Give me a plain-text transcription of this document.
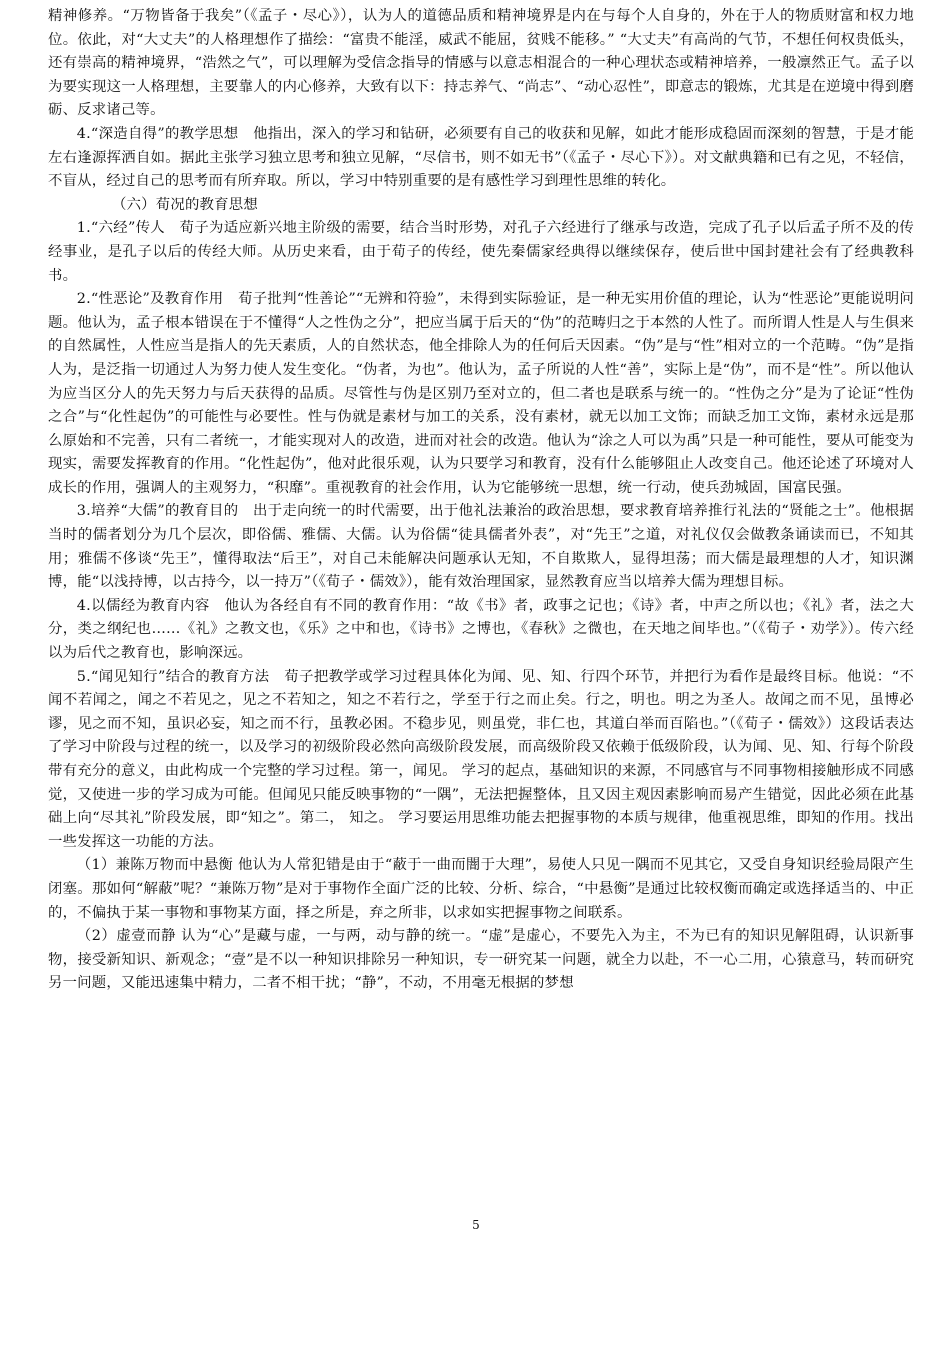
精神修养。“万物皆备于我矣”（《孟子・尽心》），认为人的道德品质和精神境界是内在与每个人自身的，外在于人的物质财富和权力地位。依此，对“大丈夫”的人格理想作了描绘：“富贵不能淫，威武不能屈，贫贱不能移。” “大丈夫”有高尚的气节，不想任何权贵低头，还有崇高的精神境界，“浩然之气”，可以理解为受信念指导的情感与以意志相混合的一种心理状态或精神培养，一般凛然正气。孟子以为要实现这一人格理想，主要靠人的内心修养，大致有以下：持志养气、“尚志”、“动心忍性”，即意志的锻炼，尤其是在逆境中得到磨砺、反求诸己等。

4.“深造自得”的教学思想　他指出，深入的学习和钻研，必须要有自己的收获和见解，如此才能形成稳固而深刻的智慧，于是才能左右逢源挥洒自如。据此主张学习独立思考和独立见解，“尽信书，则不如无书”（《孟子・尽心下》）。对文献典籍和已有之见，不轻信，不盲从，经过自己的思考而有所弃取。所以，学习中特别重要的是有感性学习到理性思维的转化。

（六）荀况的教育思想

1.“六经”传人　荀子为适应新兴地主阶级的需要，结合当时形势，对孔子六经进行了继承与改造，完成了孔子以后孟子所不及的传经事业，是孔子以后的传经大师。从历史来看，由于荀子的传经，使先秦儒家经典得以继续保存，使后世中国封建社会有了经典教科书。

2.“性恶论”及教育作用　荀子批判“性善论”“无辨和符验”，未得到实际验证，是一种无实用价值的理论，认为“性恶论”更能说明问题。他认为，孟子根本错误在于不懂得“人之性伪之分”，把应当属于后天的“伪”的范畴归之于本然的人性了。而所谓人性是人与生俱来的自然属性，人性应当是指人的先天素质，人的自然状态，他全排除人为的任何后天因素。“伪”是与“性”相对立的一个范畴。“伪”是指人为，是泛指一切通过人为努力使人发生变化。“伪者，为也”。他认为，孟子所说的人性“善”，实际上是“伪”，而不是“性”。所以他认为应当区分人的先天努力与后天获得的品质。尽管性与伪是区别乃至对立的，但二者也是联系与统一的。“性伪之分”是为了论证“性伪之合”与“化性起伪”的可能性与必要性。性与伪就是素材与加工的关系，没有素材，就无以加工文饰；而缺乏加工文饰，素材永远是那么原始和不完善，只有二者统一，才能实现对人的改造，进而对社会的改造。他认为“涂之人可以为禹”只是一种可能性，要从可能变为现实，需要发挥教育的作用。“化性起伪”，他对此很乐观，认为只要学习和教育，没有什么能够阻止人改变自己。他还论述了环境对人成长的作用，强调人的主观努力，“积靡”。重视教育的社会作用，认为它能够统一思想，统一行动，使兵劲城固，国富民强。

3.培养“大儒”的教育目的　出于走向统一的时代需要，出于他礼法兼治的政治思想，要求教育培养推行礼法的“贤能之士”。他根据当时的儒者划分为几个层次，即俗儒、雅儒、大儒。认为俗儒“徒具儒者外表”，对“先王”之道，对礼仪仅会做教条诵读而已，不知其用；雅儒不侈谈“先王”，懂得取法“后王”，对自己未能解决问题承认无知，不自欺欺人，显得坦荡；而大儒是最理想的人才，知识渊博，能“以浅持博，以古持今，以一持万”（《荀子・儒效》），能有效治理国家，显然教育应当以培养大儒为理想目标。

4.以儒经为教育内容　他认为各经自有不同的教育作用：“故《书》者，政事之记也；《诗》者，中声之所以也；《礼》者，法之大分，类之纲纪也……《礼》之教文也，《乐》之中和也，《诗书》之博也，《春秋》之微也，在天地之间毕也。”（《荀子・劝学》）。传六经以为后代之教育也，影响深远。

5.“闻见知行”结合的教育方法　荀子把教学或学习过程具体化为闻、见、知、行四个环节，并把行为看作是最终目标。他说：“不闻不若闻之，闻之不若见之，见之不若知之，知之不若行之，学至于行之而止矣。行之，明也。明之为圣人。故闻之而不见，虽博必谬，见之而不知，虽识必妄，知之而不行，虽教必困。不稳步见，则虽党，非仁也，其道白举而百陷也。”（《荀子・儒效》）这段话表达了学习中阶段与过程的统一，以及学习的初级阶段必然向高级阶段发展，而高级阶段又依赖于低级阶段，认为闻、见、知、行每个阶段带有充分的意义，由此构成一个完整的学习过程。第一，闻见。 学习的起点，基础知识的来源，不同感官与不同事物相接触形成不同感觉，又使进一步的学习成为可能。但闻见只能反映事物的“一隅”，无法把握整体，且又因主观因素影响而易产生错觉，因此必须在此基础上向“尽其礼”阶段发展，即“知之”。第二， 知之。 学习要运用思维功能去把握事物的本质与规律，他重视思维，即知的作用。找出一些发挥这一功能的方法。

（1）兼陈万物而中悬衡 他认为人常犯错是由于“蔽于一曲而闇于大理”，易使人只见一隅而不见其它，又受自身知识经验局限产生闭塞。那如何“解蔽”呢？“兼陈万物”是对于事物作全面广泛的比较、分析、综合，“中悬衡”是通过比较权衡而确定或选择适当的、中正的，不偏执于某一事物和事物某方面，择之所是，弃之所非，以求如实把握事物之间联系。

（2）虚壹而静 认为“心”是藏与虚，一与两，动与静的统一。“虚”是虚心，不要先入为主，不为已有的知识见解阻碍，认识新事物，接受新知识、新观念；“壹”是不以一种知识排除另一种知识，专一研究某一问题，就全力以赴，不一心二用，心猿意马，转而研究另一问题，又能迅速集中精力，二者不相干扰；“静”，不动，不用毫无根据的梦想

5
